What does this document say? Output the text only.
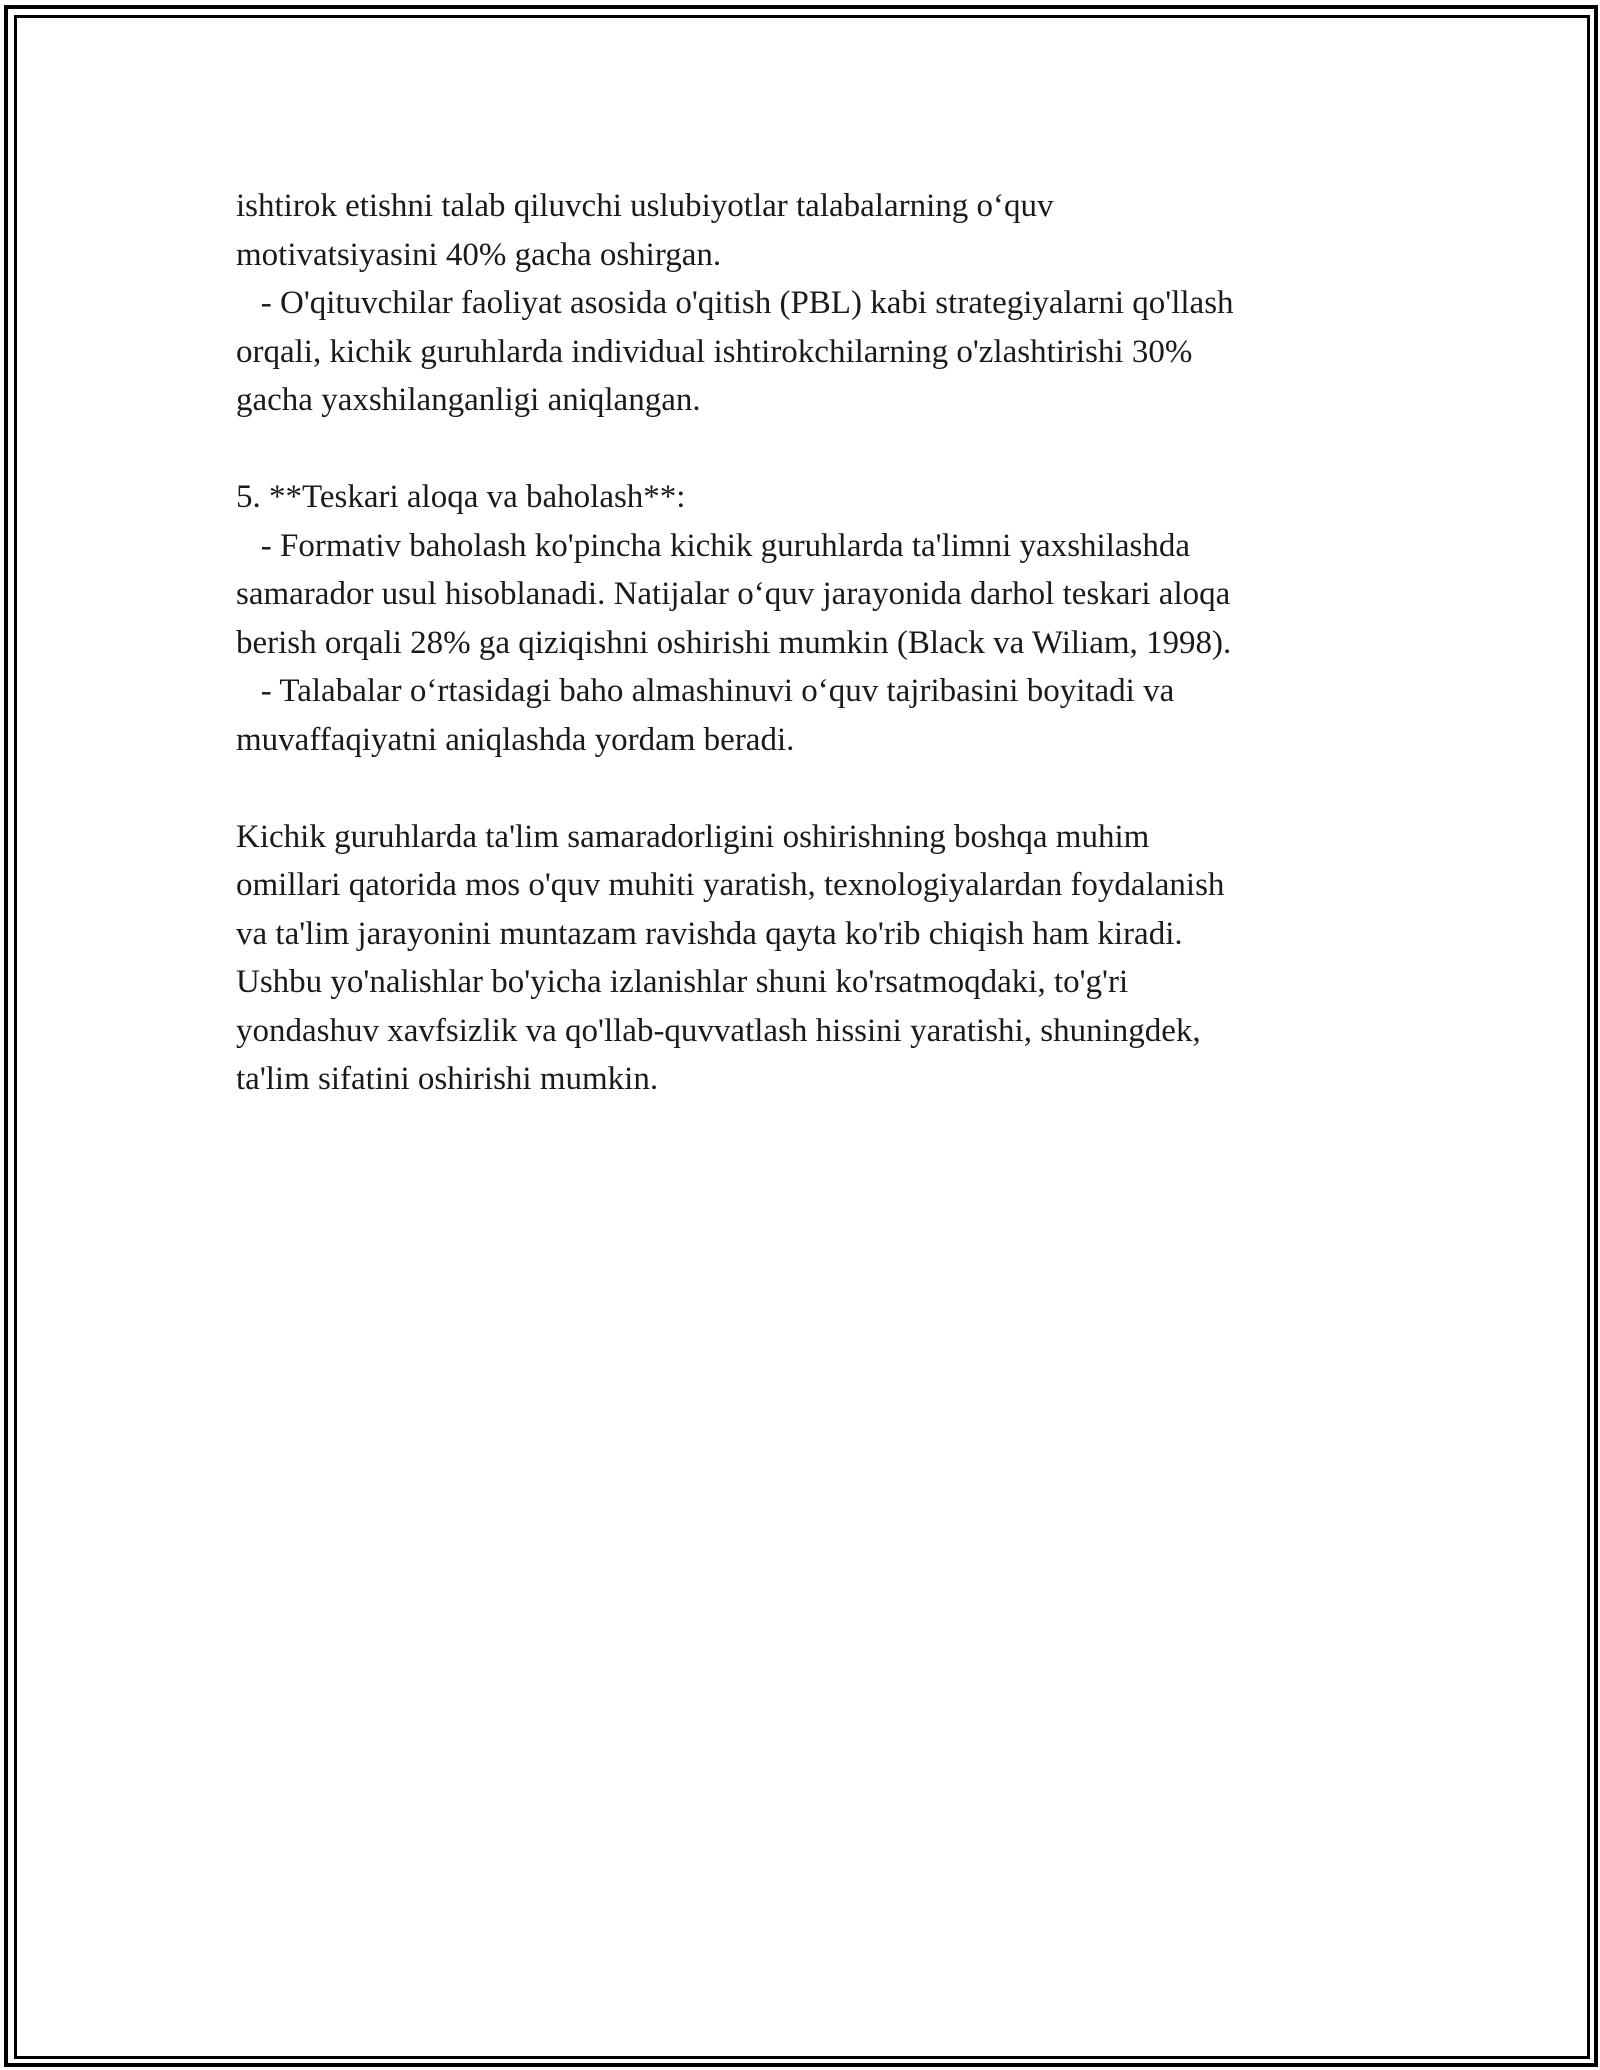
ishtirok etishni talab qiluvchi uslubiyotlar talabalarning o‘quv

motivatsiyasini 40% gacha oshirgan.

- O'qituvchilar faoliyat asosida o'qitish (PBL) kabi strategiyalarni qo'llash

orqali, kichik guruhlarda individual ishtirokchilarning o'zlashtirishi 30%

gacha yaxshilanganligi aniqlangan.

5. **Teskari aloqa va baholash**:

- Formativ baholash ko'pincha kichik guruhlarda ta'limni yaxshilashda

samarador usul hisoblanadi. Natijalar o‘quv jarayonida darhol teskari aloqa

berish orqali 28% ga qiziqishni oshirishi mumkin (Black va Wiliam, 1998).

- Talabalar o‘rtasidagi baho almashinuvi o‘quv tajribasini boyitadi va

muvaffaqiyatni aniqlashda yordam beradi.

Kichik guruhlarda ta'lim samaradorligini oshirishning boshqa muhim

omillari qatorida mos o'quv muhiti yaratish, texnologiyalardan foydalanish

va ta'lim jarayonini muntazam ravishda qayta ko'rib chiqish ham kiradi.

Ushbu yo'nalishlar bo'yicha izlanishlar shuni ko'rsatmoqdaki, to'g'ri

yondashuv xavfsizlik va qo'llab-quvvatlash hissini yaratishi, shuningdek,

ta'lim sifatini oshirishi mumkin.
